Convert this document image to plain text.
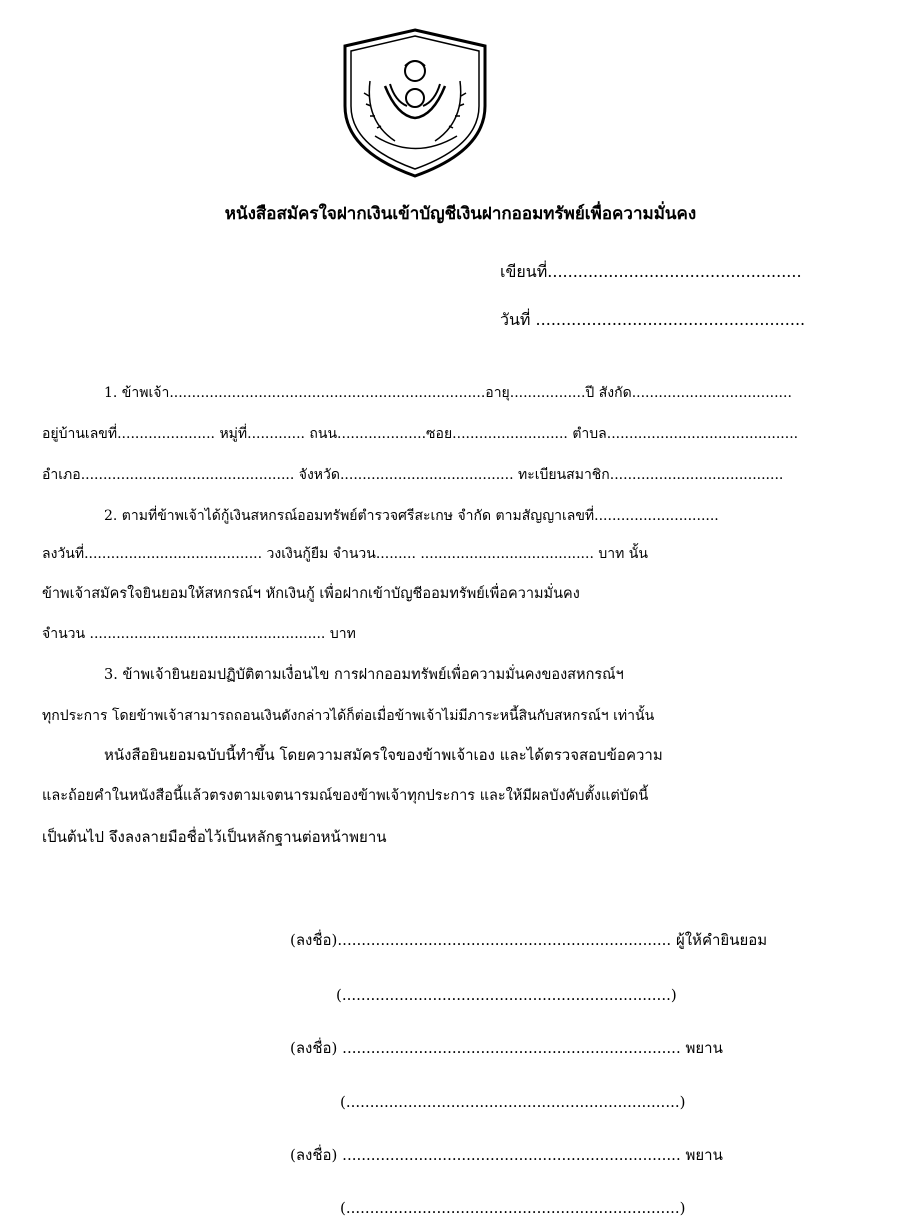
หนังสือสมัครใจฝากเงินเข้าบัญชีเงินฝากออมทรัพย์เพื่อความมั่นคง
เขียนที่..................................................
วันที่ .....................................................
1. ข้าพเจ้า.......................................................................อายุ.................ปี สังกัด....................................
อยู่บ้านเลขที่...................... หมู่ที่............. ถนน....................ซอย.......................... ตำบล...........................................
อำเภอ................................................ จังหวัด....................................... ทะเบียนสมาชิก.......................................
2. ตามที่ข้าพเจ้าได้กู้เงินสหกรณ์ออมทรัพย์ตำรวจศรีสะเกษ จำกัด ตามสัญญาเลขที่............................
ลงวันที่........................................ วงเงินกู้ยืม จำนวน......... ....................................... บาท นั้น
ข้าพเจ้าสมัครใจยินยอมให้สหกรณ์ฯ หักเงินกู้ เพื่อฝากเข้าบัญชีออมทรัพย์เพื่อความมั่นคง
จำนวน ..................................................... บาท
3. ข้าพเจ้ายินยอมปฏิบัติตามเงื่อนไข การฝากออมทรัพย์เพื่อความมั่นคงของสหกรณ์ฯ
ทุกประการ โดยข้าพเจ้าสามารถถอนเงินดังกล่าวได้ก็ต่อเมื่อข้าพเจ้าไม่มีภาระหนี้สินกับสหกรณ์ฯ เท่านั้น
หนังสือยินยอมฉบับนี้ทำขึ้น โดยความสมัครใจของข้าพเจ้าเอง และได้ตรวจสอบข้อความ
และถ้อยคำในหนังสือนี้แล้วตรงตามเจตนารมณ์ของข้าพเจ้าทุกประการ และให้มีผลบังคับตั้งแต่บัดนี้
เป็นต้นไป จึงลงลายมือชื่อไว้เป็นหลักฐานต่อหน้าพยาน
(ลงชื่อ)...................................................................... ผู้ให้คำยินยอม
(.....................................................................)
(ลงชื่อ) ....................................................................... พยาน
(......................................................................)
(ลงชื่อ) ....................................................................... พยาน
(......................................................................)
